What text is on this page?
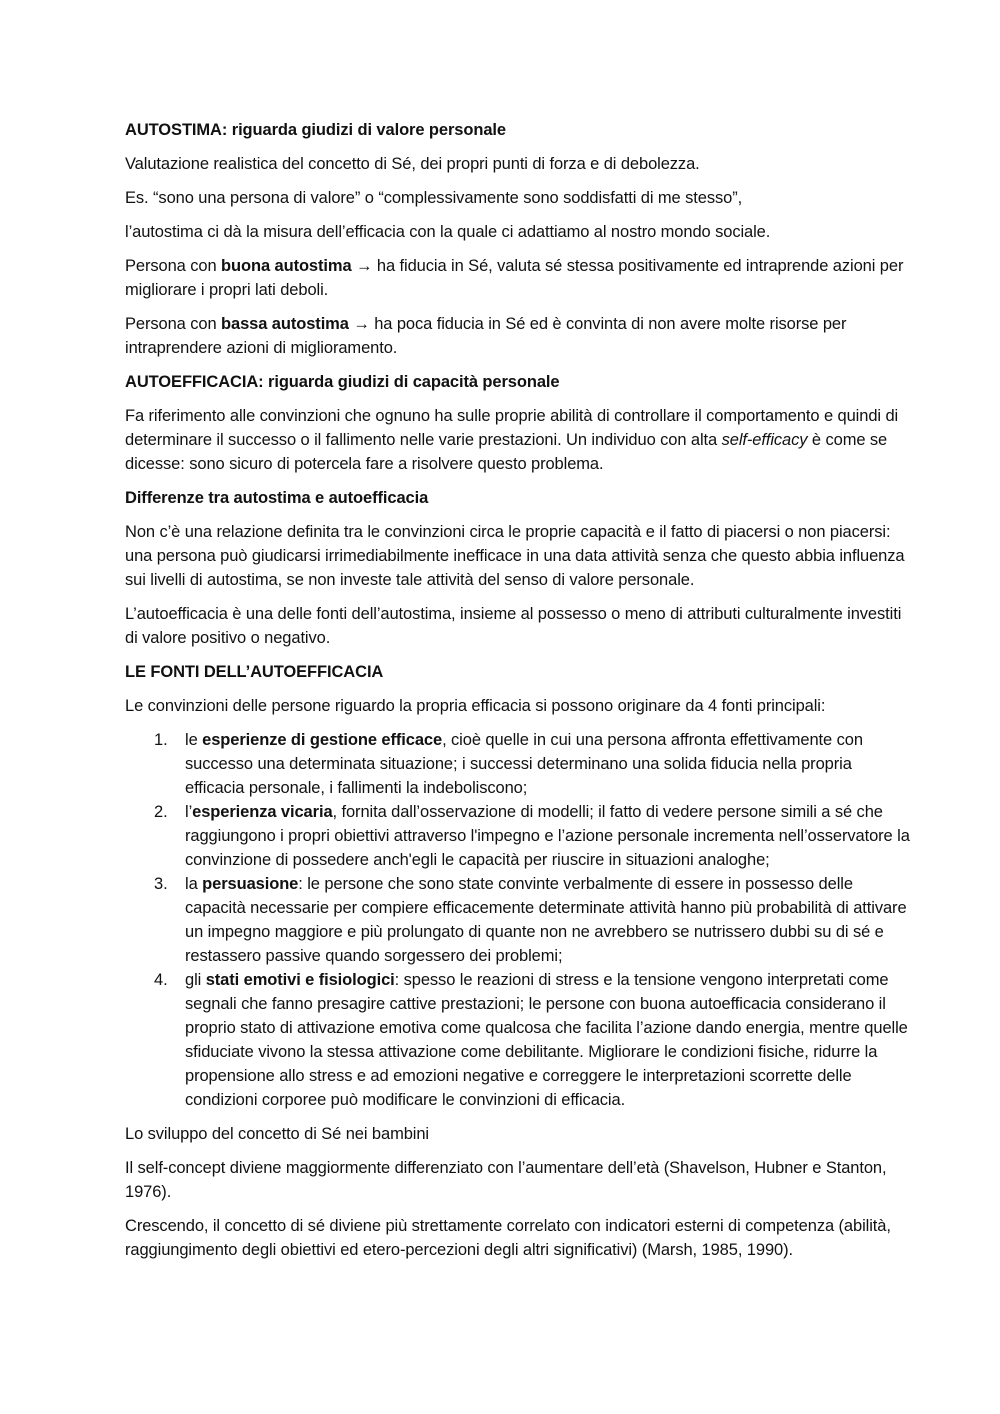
AUTOSTIMA: riguarda giudizi di valore personale

Valutazione realistica del concetto di Sé, dei propri punti di forza e di debolezza.

Es. “sono una persona di valore” o “complessivamente sono soddisfatti di me stesso”,

l’autostima ci dà la misura dell’efficacia con la quale ci adattiamo al nostro mondo sociale.

Persona con buona autostima → ha fiducia in Sé, valuta sé stessa positivamente ed intraprende azioni per migliorare i propri lati deboli.

Persona con bassa autostima → ha poca fiducia in Sé ed è convinta di non avere molte risorse per intraprendere azioni di miglioramento.

AUTOEFFICACIA: riguarda giudizi di capacità personale

Fa riferimento alle convinzioni che ognuno ha sulle proprie abilità di controllare il comportamento e quindi di determinare il successo o il fallimento nelle varie prestazioni. Un individuo con alta self-efficacy è come se dicesse: sono sicuro di potercela fare a risolvere questo problema.

Differenze tra autostima e autoefficacia

Non c’è una relazione definita tra le convinzioni circa le proprie capacità e il fatto di piacersi o non piacersi: una persona può giudicarsi irrimediabilmente inefficace in una data attività senza che questo abbia influenza sui livelli di autostima, se non investe tale attività del senso di valore personale.

L’autoefficacia è una delle fonti dell’autostima, insieme al possesso o meno di attributi culturalmente investiti di valore positivo o negativo.

LE FONTI DELL’AUTOEFFICACIA

Le convinzioni delle persone riguardo la propria efficacia si possono originare da 4 fonti principali:

1. le esperienze di gestione efficace, cioè quelle in cui una persona affronta effettivamente con successo una determinata situazione; i successi determinano una solida fiducia nella propria efficacia personale, i fallimenti la indeboliscono;
2. l’esperienza vicaria, fornita dall’osservazione di modelli; il fatto di vedere persone simili a sé che raggiungono i propri obiettivi attraverso l'impegno e l’azione personale incrementa nell’osservatore la convinzione di possedere anch'egli le capacità per riuscire in situazioni analoghe;
3. la persuasione: le persone che sono state convinte verbalmente di essere in possesso delle capacità necessarie per compiere efficacemente determinate attività hanno più probabilità di attivare un impegno maggiore e più prolungato di quante non ne avrebbero se nutrissero dubbi su di sé e restassero passive quando sorgessero dei problemi;
4. gli stati emotivi e fisiologici: spesso le reazioni di stress e la tensione vengono interpretati come segnali che fanno presagire cattive prestazioni; le persone con buona autoefficacia considerano il proprio stato di attivazione emotiva come qualcosa che facilita l’azione dando energia, mentre quelle sfiduciate vivono la stessa attivazione come debilitante. Migliorare le condizioni fisiche, ridurre la propensione allo stress e ad emozioni negative e correggere le interpretazioni scorrette delle condizioni corporee può modificare le convinzioni di efficacia.

Lo sviluppo del concetto di Sé nei bambini

Il self-concept diviene maggiormente differenziato con l’aumentare dell’età (Shavelson, Hubner e Stanton, 1976).

Crescendo, il concetto di sé diviene più strettamente correlato con indicatori esterni di competenza (abilità, raggiungimento degli obiettivi ed etero-percezioni degli altri significativi) (Marsh, 1985, 1990).
